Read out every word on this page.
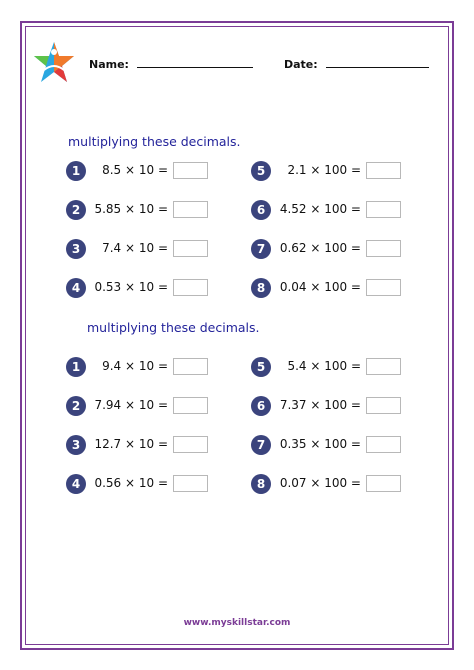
Name:	Date:
multiplying these decimals.
1	8.5 × 10 =
2	5.85 × 10 =
3	7.4 × 10 =
4	0.53 × 10 =
5	2.1 × 100 =
6	4.52 × 100 =
7	0.62 × 100 =
8	0.04 × 100 =
multiplying these decimals.
1	9.4 × 10 =
2	7.94 × 10 =
3	12.7 × 10 =
4	0.56 × 10 =
5	5.4 × 100 =
6	7.37 × 100 =
7	0.35 × 100 =
8	0.07 × 100 =
www.myskillstar.com
